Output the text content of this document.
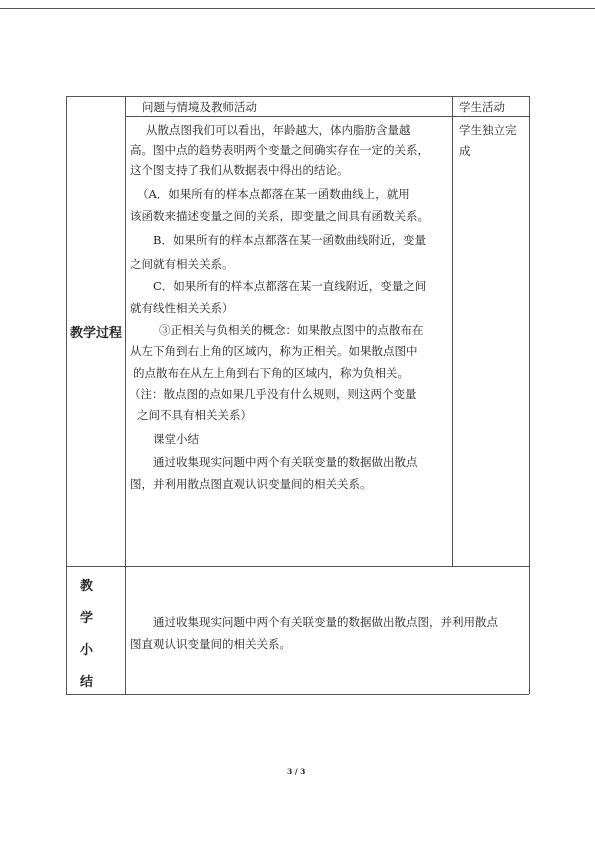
问题与情境及教师活动	学生活动
教学过程
学生独立完
成
从散点图我们可以看出，年龄越大，体内脂肪含量越
高。图中点的趋势表明两个变量之间确实存在一定的关系，
这个图支持了我们从数据表中得出的结论。
（A．如果所有的样本点都落在某一函数曲线上，就用
该函数来描述变量之间的关系，即变量之间具有函数关系。
B．如果所有的样本点都落在某一函数曲线附近，变量
之间就有相关关系。
C．如果所有的样本点都落在某一直线附近，变量之间
就有线性相关关系）
③正相关与负相关的概念：如果散点图中的点散布在
从左下角到右上角的区域内，称为正相关。如果散点图中
的点散布在从左上角到右下角的区域内，称为负相关。
（注：散点图的点如果几乎没有什么规则，则这两个变量
之间不具有相关关系）
课堂小结
通过收集现实问题中两个有关联变量的数据做出散点
图，并利用散点图直观认识变量间的相关关系。
教
学
小
结
通过收集现实问题中两个有关联变量的数据做出散点图，并利用散点
图直观认识变量间的相关关系。
3 / 3
